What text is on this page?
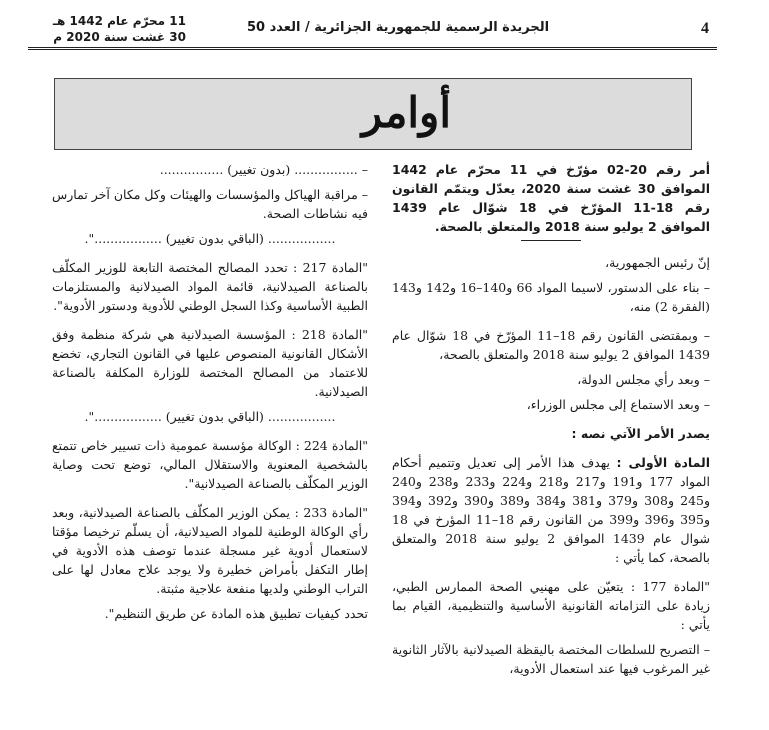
4
الجريدة الرسمية للجمهورية الجزائرية / العدد 50
11 محرّم عام 1442 هـ
30 غشت سنة 2020 م
أوامر

أمر رقم 20-02 مؤرّخ في 11 محرّم عام 1442 الموافق 30 غشت سنة 2020، يعدّل ويتمّم القانون رقم 18-11 المؤرّخ في 18 شوّال عام 1439 الموافق 2 يوليو سنة 2018 والمتعلق بالصحة.

إنّ رئيس الجمهورية،

– بناء على الدستور، لاسيما المواد 66 و140–16 و142 و143 (الفقرة 2) منه،

– وبمقتضى القانون رقم 18–11 المؤرّخ في 18 شوّال عام 1439 الموافق 2 يوليو سنة 2018 والمتعلق بالصحة،

– وبعد رأي مجلس الدولة،

– وبعد الاستماع إلى مجلس الوزراء،

يصدر الأمر الآتي نصه :

المادة الأولى : يهدف هذا الأمر إلى تعديل وتتميم أحكام المواد 177 و191 و217 و218 و224 و233 و238 و240 و245 و308 و379 و381 و384 و389 و390 و392 و394 و395 و396 و399 من القانون رقم 18–11 المؤرخ في 18 شوال عام 1439 الموافق 2 يوليو سنة 2018 والمتعلق بالصحة، كما يأتي :

"المادة 177 : يتعيّن على مهنيي الصحة الممارس الطبي، زيادة على التزاماته القانونية الأساسية والتنظيمية، القيام بما يأتي :

– التصريح للسلطات المختصة باليقظة الصيدلانية بالآثار الثانوية غير المرغوب فيها عند استعمال الأدوية،

– ................ (بدون تغيير) ................

– مراقبة الهياكل والمؤسسات والهيئات وكل مكان آخر تمارس فيه نشاطات الصحة.

................. (الباقي بدون تغيير) .................".

"المادة 217 : تحدد المصالح المختصة التابعة للوزير المكلّف بالصناعة الصيدلانية، قائمة المواد الصيدلانية والمستلزمات الطبية الأساسية وكذا السجل الوطني للأدوية ودستور الأدوية".

"المادة 218 : المؤسسة الصيدلانية هي شركة منظمة وفق الأشكال القانونية المنصوص عليها في القانون التجاري، تخضع للاعتماد من المصالح المختصة للوزارة المكلفة بالصناعة الصيدلانية.

................. (الباقي بدون تغيير) .................".

"المادة 224 : الوكالة مؤسسة عمومية ذات تسيير خاص تتمتع بالشخصية المعنوية والاستقلال المالي، توضع تحت وصاية الوزير المكلّف بالصناعة الصيدلانية".

"المادة 233 : يمكن الوزير المكلّف بالصناعة الصيدلانية، وبعد رأي الوكالة الوطنية للمواد الصيدلانية، أن يسلّم ترخيصا مؤقتا لاستعمال أدوية غير مسجلة عندما توصف هذه الأدوية في إطار التكفل بأمراض خطيرة ولا يوجد علاج معادل لها على التراب الوطني ولديها منفعة علاجية مثبتة.

تحدد كيفيات تطبيق هذه المادة عن طريق التنظيم".
